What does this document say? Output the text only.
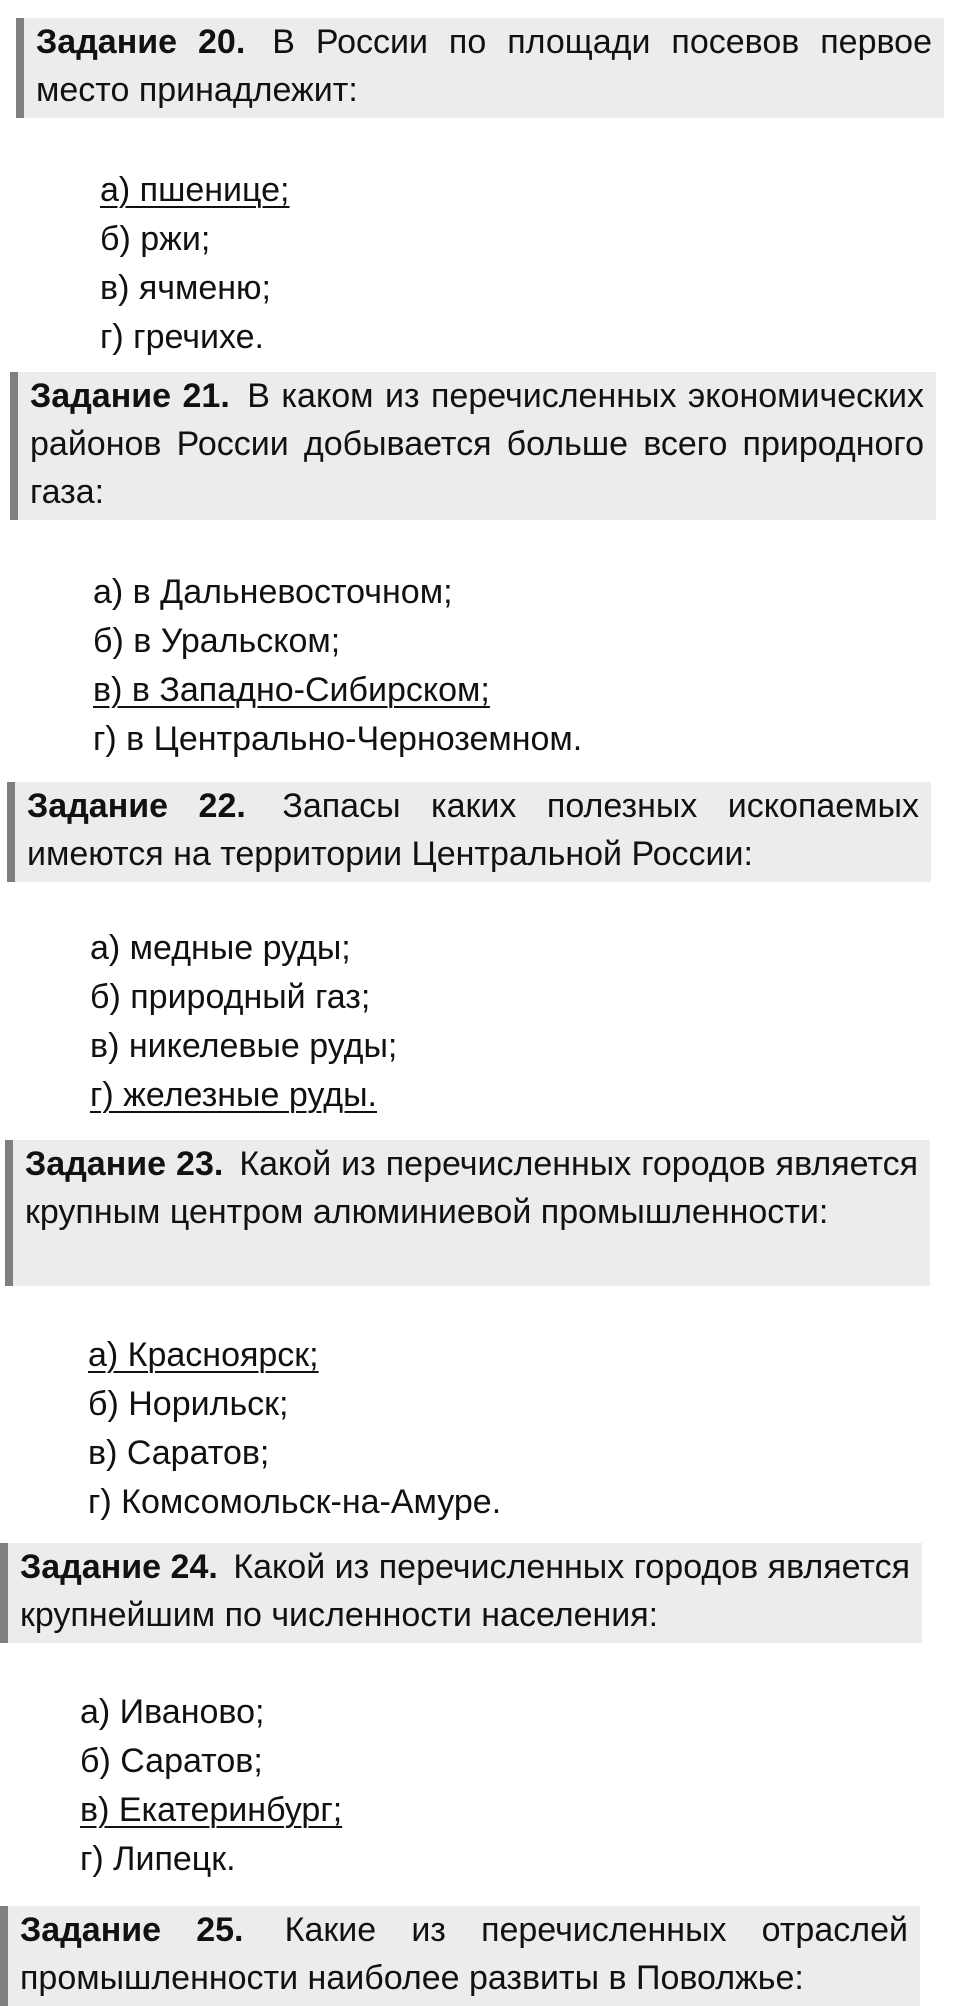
Задание 20. В России по площади посевов первое место принадлежит:
а) пшенице;
б) ржи;
в) ячменю;
г) гречихе.
Задание 21. В каком из перечисленных экономических районов России добывается больше всего природного газа:
а) в Дальневосточном;
б) в Уральском;
в) в Западно-Сибирском;
г) в Центрально-Черноземном.
Задание 22. Запасы каких полезных ископаемых имеются на территории Центральной России:
а) медные руды;
б) природный газ;
в) никелевые руды;
г) железные руды.
Задание 23. Какой из перечисленных городов является крупным центром алюминиевой промышленности:
а) Красноярск;
б) Норильск;
в) Саратов;
г) Комсомольск-на-Амуре.
Задание 24. Какой из перечисленных городов является крупнейшим по численности населения:
а) Иваново;
б) Саратов;
в) Екатеринбург;
г) Липецк.
Задание 25. Какие из перечисленных отраслей промышленности наиболее развиты в Поволжье:
